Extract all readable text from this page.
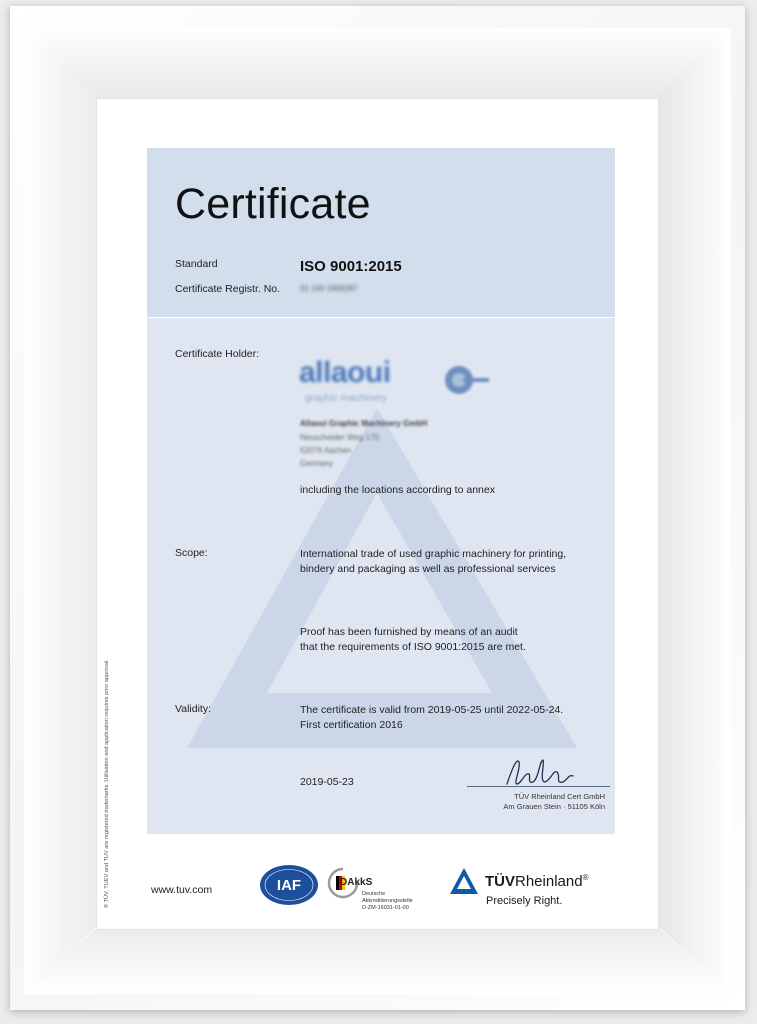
® TÜV, TUEV and TUV are registered trademarks. Utilisation and application requires prior approval.
Certificate
Standard	ISO 9001:2015
Certificate Registr. No. 01 100 1600287
Certificate Holder:
allaoui
graphic machinery
Allaoui Graphic Machinery GmbH
Neuscheider Weg 170
52076 Aachen
Germany
including the locations according to annex
Scope:	International trade of used graphic machinery for printing,
bindery and packaging as well as professional services
Proof has been furnished by means of an audit
that the requirements of ISO 9001:2015 are met.
Validity:	The certificate is valid from 2019-05-25 until 2022-05-24.
First certification 2016
2019-05-23
TÜV Rheinland Cert GmbH
Am Grauen Stein · 51105 Köln
www.tuv.com	IAF	DAkkS
Deutsche
Akkreditierungsstelle
D-ZM-16031-01-00
TÜVRheinland®
Precisely Right.
